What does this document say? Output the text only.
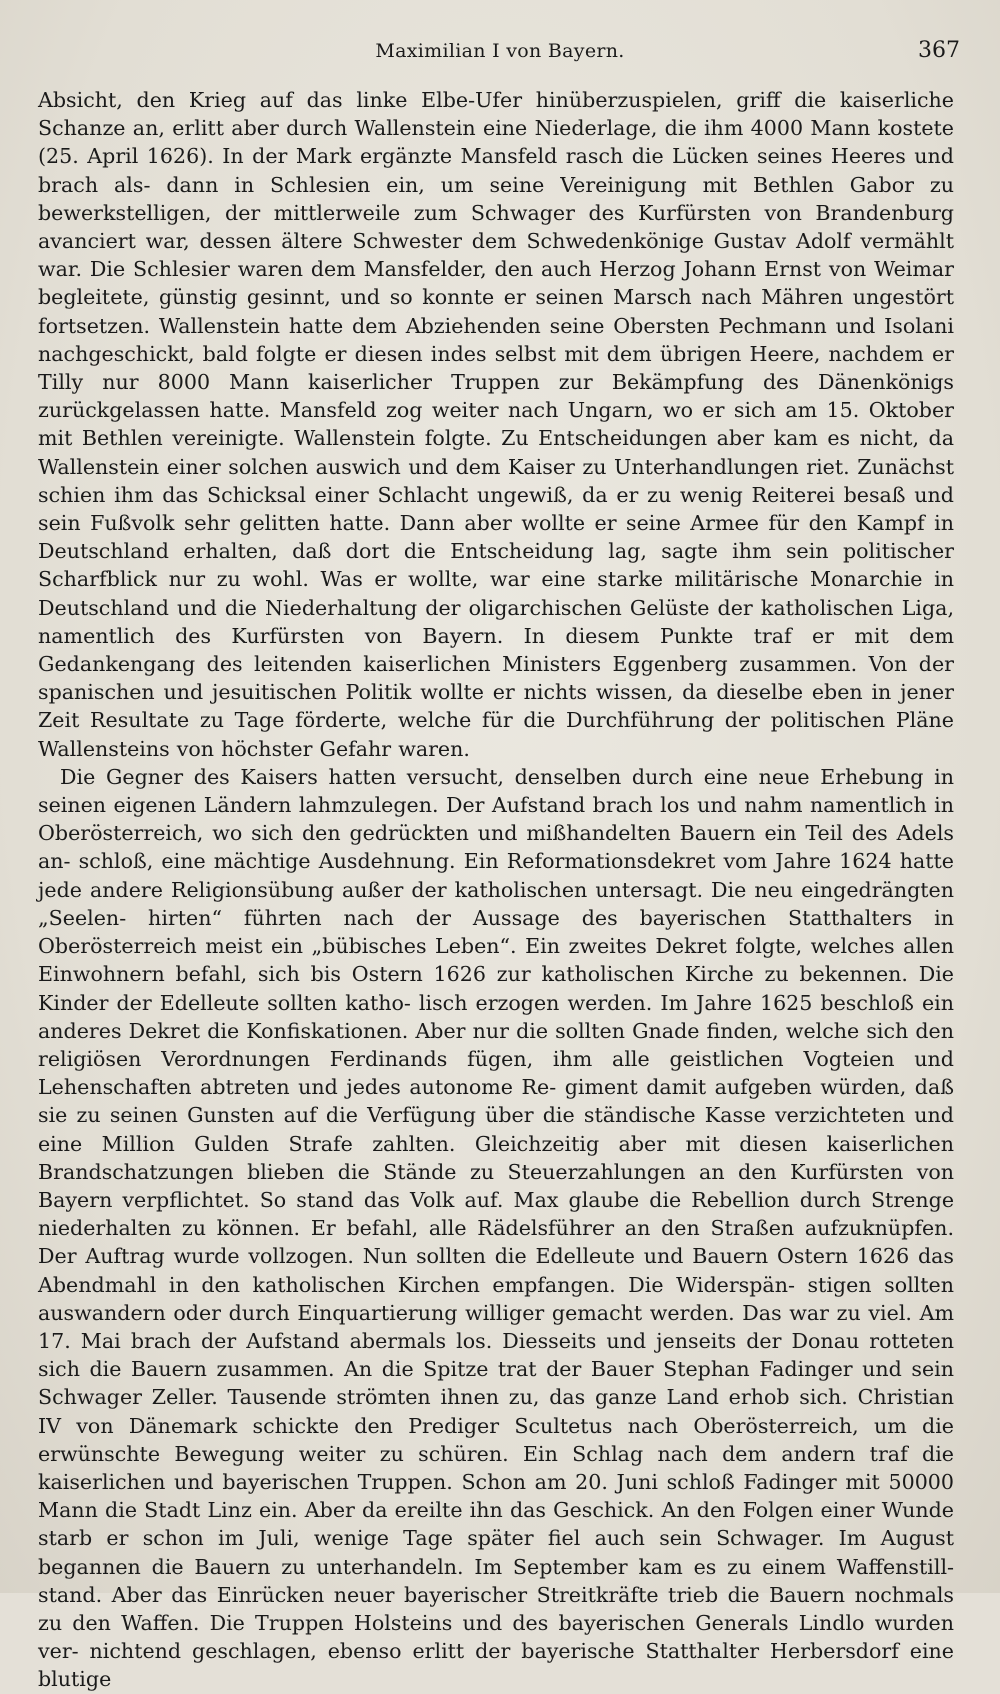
Maximilian I von Bayern.	367

Absicht, den Krieg auf das linke Elbe-Ufer hinüberzuspielen, griff die kaiserliche Schanze an, erlitt aber durch Wallenstein eine Niederlage, die ihm 4000 Mann kostete (25. April 1626). In der Mark ergänzte Mansfeld rasch die Lücken seines Heeres und brach als- dann in Schlesien ein, um seine Vereinigung mit Bethlen Gabor zu bewerkstelligen, der mittlerweile zum Schwager des Kurfürsten von Brandenburg avanciert war, dessen ältere Schwester dem Schwedenkönige Gustav Adolf vermählt war. Die Schlesier waren dem Mansfelder, den auch Herzog Johann Ernst von Weimar begleitete, günstig gesinnt, und so konnte er seinen Marsch nach Mähren ungestört fortsetzen. Wallenstein hatte dem Abziehenden seine Obersten Pechmann und Isolani nachgeschickt, bald folgte er diesen indes selbst mit dem übrigen Heere, nachdem er Tilly nur 8000 Mann kaiserlicher Truppen zur Bekämpfung des Dänenkönigs zurückgelassen hatte. Mansfeld zog weiter nach Ungarn, wo er sich am 15. Oktober mit Bethlen vereinigte. Wallenstein folgte. Zu Entscheidungen aber kam es nicht, da Wallenstein einer solchen auswich und dem Kaiser zu Unterhandlungen riet. Zunächst schien ihm das Schicksal einer Schlacht ungewiß, da er zu wenig Reiterei besaß und sein Fußvolk sehr gelitten hatte. Dann aber wollte er seine Armee für den Kampf in Deutschland erhalten, daß dort die Entscheidung lag, sagte ihm sein politischer Scharfblick nur zu wohl. Was er wollte, war eine starke militärische Monarchie in Deutschland und die Niederhaltung der oligarchischen Gelüste der katholischen Liga, namentlich des Kurfürsten von Bayern. In diesem Punkte traf er mit dem Gedankengang des leitenden kaiserlichen Ministers Eggenberg zusammen. Von der spanischen und jesuitischen Politik wollte er nichts wissen, da dieselbe eben in jener Zeit Resultate zu Tage förderte, welche für die Durchführung der politischen Pläne Wallensteins von höchster Gefahr waren.

Die Gegner des Kaisers hatten versucht, denselben durch eine neue Erhebung in seinen eigenen Ländern lahmzulegen. Der Aufstand brach los und nahm namentlich in Oberösterreich, wo sich den gedrückten und mißhandelten Bauern ein Teil des Adels an- schloß, eine mächtige Ausdehnung. Ein Reformationsdekret vom Jahre 1624 hatte jede andere Religionsübung außer der katholischen untersagt. Die neu eingedrängten „Seelen- hirten“ führten nach der Aussage des bayerischen Statthalters in Oberösterreich meist ein „bübisches Leben“. Ein zweites Dekret folgte, welches allen Einwohnern befahl, sich bis Ostern 1626 zur katholischen Kirche zu bekennen. Die Kinder der Edelleute sollten katho- lisch erzogen werden. Im Jahre 1625 beschloß ein anderes Dekret die Konfiskationen. Aber nur die sollten Gnade finden, welche sich den religiösen Verordnungen Ferdinands fügen, ihm alle geistlichen Vogteien und Lehenschaften abtreten und jedes autonome Re- giment damit aufgeben würden, daß sie zu seinen Gunsten auf die Verfügung über die ständische Kasse verzichteten und eine Million Gulden Strafe zahlten. Gleichzeitig aber mit diesen kaiserlichen Brandschatzungen blieben die Stände zu Steuerzahlungen an den Kurfürsten von Bayern verpflichtet. So stand das Volk auf. Max glaube die Rebellion durch Strenge niederhalten zu können. Er befahl, alle Rädelsführer an den Straßen aufzuknüpfen. Der Auftrag wurde vollzogen. Nun sollten die Edelleute und Bauern Ostern 1626 das Abendmahl in den katholischen Kirchen empfangen. Die Widerspän- stigen sollten auswandern oder durch Einquartierung williger gemacht werden. Das war zu viel. Am 17. Mai brach der Aufstand abermals los. Diesseits und jenseits der Donau rotteten sich die Bauern zusammen. An die Spitze trat der Bauer Stephan Fadinger und sein Schwager Zeller. Tausende strömten ihnen zu, das ganze Land erhob sich. Christian IV von Dänemark schickte den Prediger Scultetus nach Oberösterreich, um die erwünschte Bewegung weiter zu schüren. Ein Schlag nach dem andern traf die kaiserlichen und bayerischen Truppen. Schon am 20. Juni schloß Fadinger mit 50000 Mann die Stadt Linz ein. Aber da ereilte ihn das Geschick. An den Folgen einer Wunde starb er schon im Juli, wenige Tage später fiel auch sein Schwager. Im August begannen die Bauern zu unterhandeln. Im September kam es zu einem Waffenstill- stand. Aber das Einrücken neuer bayerischer Streitkräfte trieb die Bauern nochmals zu den Waffen. Die Truppen Holsteins und des bayerischen Generals Lindlo wurden ver- nichtend geschlagen, ebenso erlitt der bayerische Statthalter Herbersdorf eine blutige
